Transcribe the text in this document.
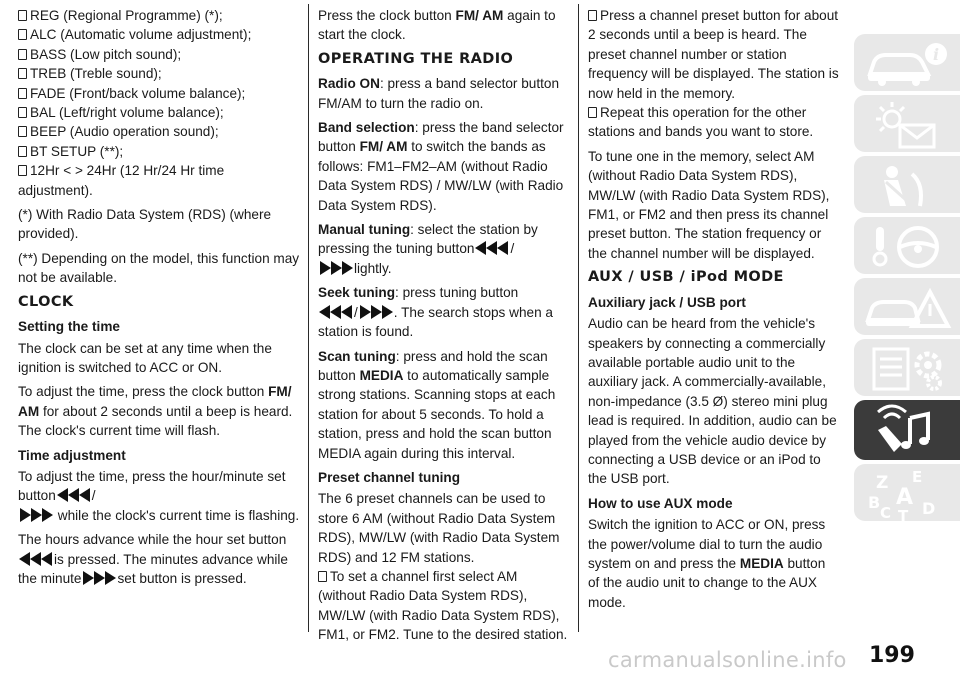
REG (Regional Programme) (*);
ALC (Automatic volume adjustment);
BASS (Low pitch sound);
TREB (Treble sound);
FADE (Front/back volume balance);
BAL (Left/right volume balance);
BEEP (Audio operation sound);
BT SETUP (**);
12Hr < > 24Hr (12 Hr/24 Hr time adjustment).

(*) With Radio Data System (RDS) (where provided).

(**) Depending on the model, this function may not be available.

CLOCK
Setting the time

The clock can be set at any time when the ignition is switched to ACC or ON.

To adjust the time, press the clock button FM/ AM for about 2 seconds until a beep is heard. The clock's current time will flash.

Time adjustment

To adjust the time, press the hour/minute set button	/

while the clock's current time is flashing.

The hours advance while the hour set button

is pressed. The minutes advance while the minute	set button is pressed.

Press the clock button FM/ AM again to start the clock.

OPERATING THE RADIO

Radio ON: press a band selector button FM/AM to turn the radio on.

Band selection: press the band selector button FM/ AM to switch the bands as follows: FM1–FM2–AM (without Radio Data System RDS) / MW/LW (with Radio Data System RDS).

Manual tuning: select the station by pressing the tuning button	/

lightly.

Seek tuning: press tuning button

/	. The search stops when a station is found.

Scan tuning: press and hold the scan button MEDIA to automatically sample strong stations. Scanning stops at each station for about 5 seconds. To hold a station, press and hold the scan button MEDIA again during this interval.

Preset channel tuning

The 6 preset channels can be used to store 6 AM (without Radio Data System RDS), MW/LW (with Radio Data System RDS) and 12 FM stations.
To set a channel first select AM (without Radio Data System RDS), MW/LW (with Radio Data System RDS), FM1, or FM2. Tune to the desired station.

Press a channel preset button for about 2 seconds until a beep is heard. The preset channel number or station frequency will be displayed. The station is now held in the memory.

Repeat this operation for the other stations and bands you want to store.

To tune one in the memory, select AM (without Radio Data System RDS), MW/LW (with Radio Data System RDS), FM1, or FM2 and then press its channel preset button. The station frequency or the channel number will be displayed.

AUX / USB / iPod MODE
Auxiliary jack / USB port

Audio can be heard from the vehicle's speakers by connecting a commercially available portable audio unit to the auxiliary jack. A commercially-available, non-impedance (3.5 Ø) stereo mini plug lead is required. In addition, audio can be played from the vehicle audio device by connecting a USB device or an iPod to the USB port.

How to use AUX mode

Switch the ignition to ACC or ON, press the power/volume dial to turn the audio system on and press the MEDIA button of the audio unit to change to the AUX mode.

i
Z E
A
B
C T D
carmanualsonline.info 199
